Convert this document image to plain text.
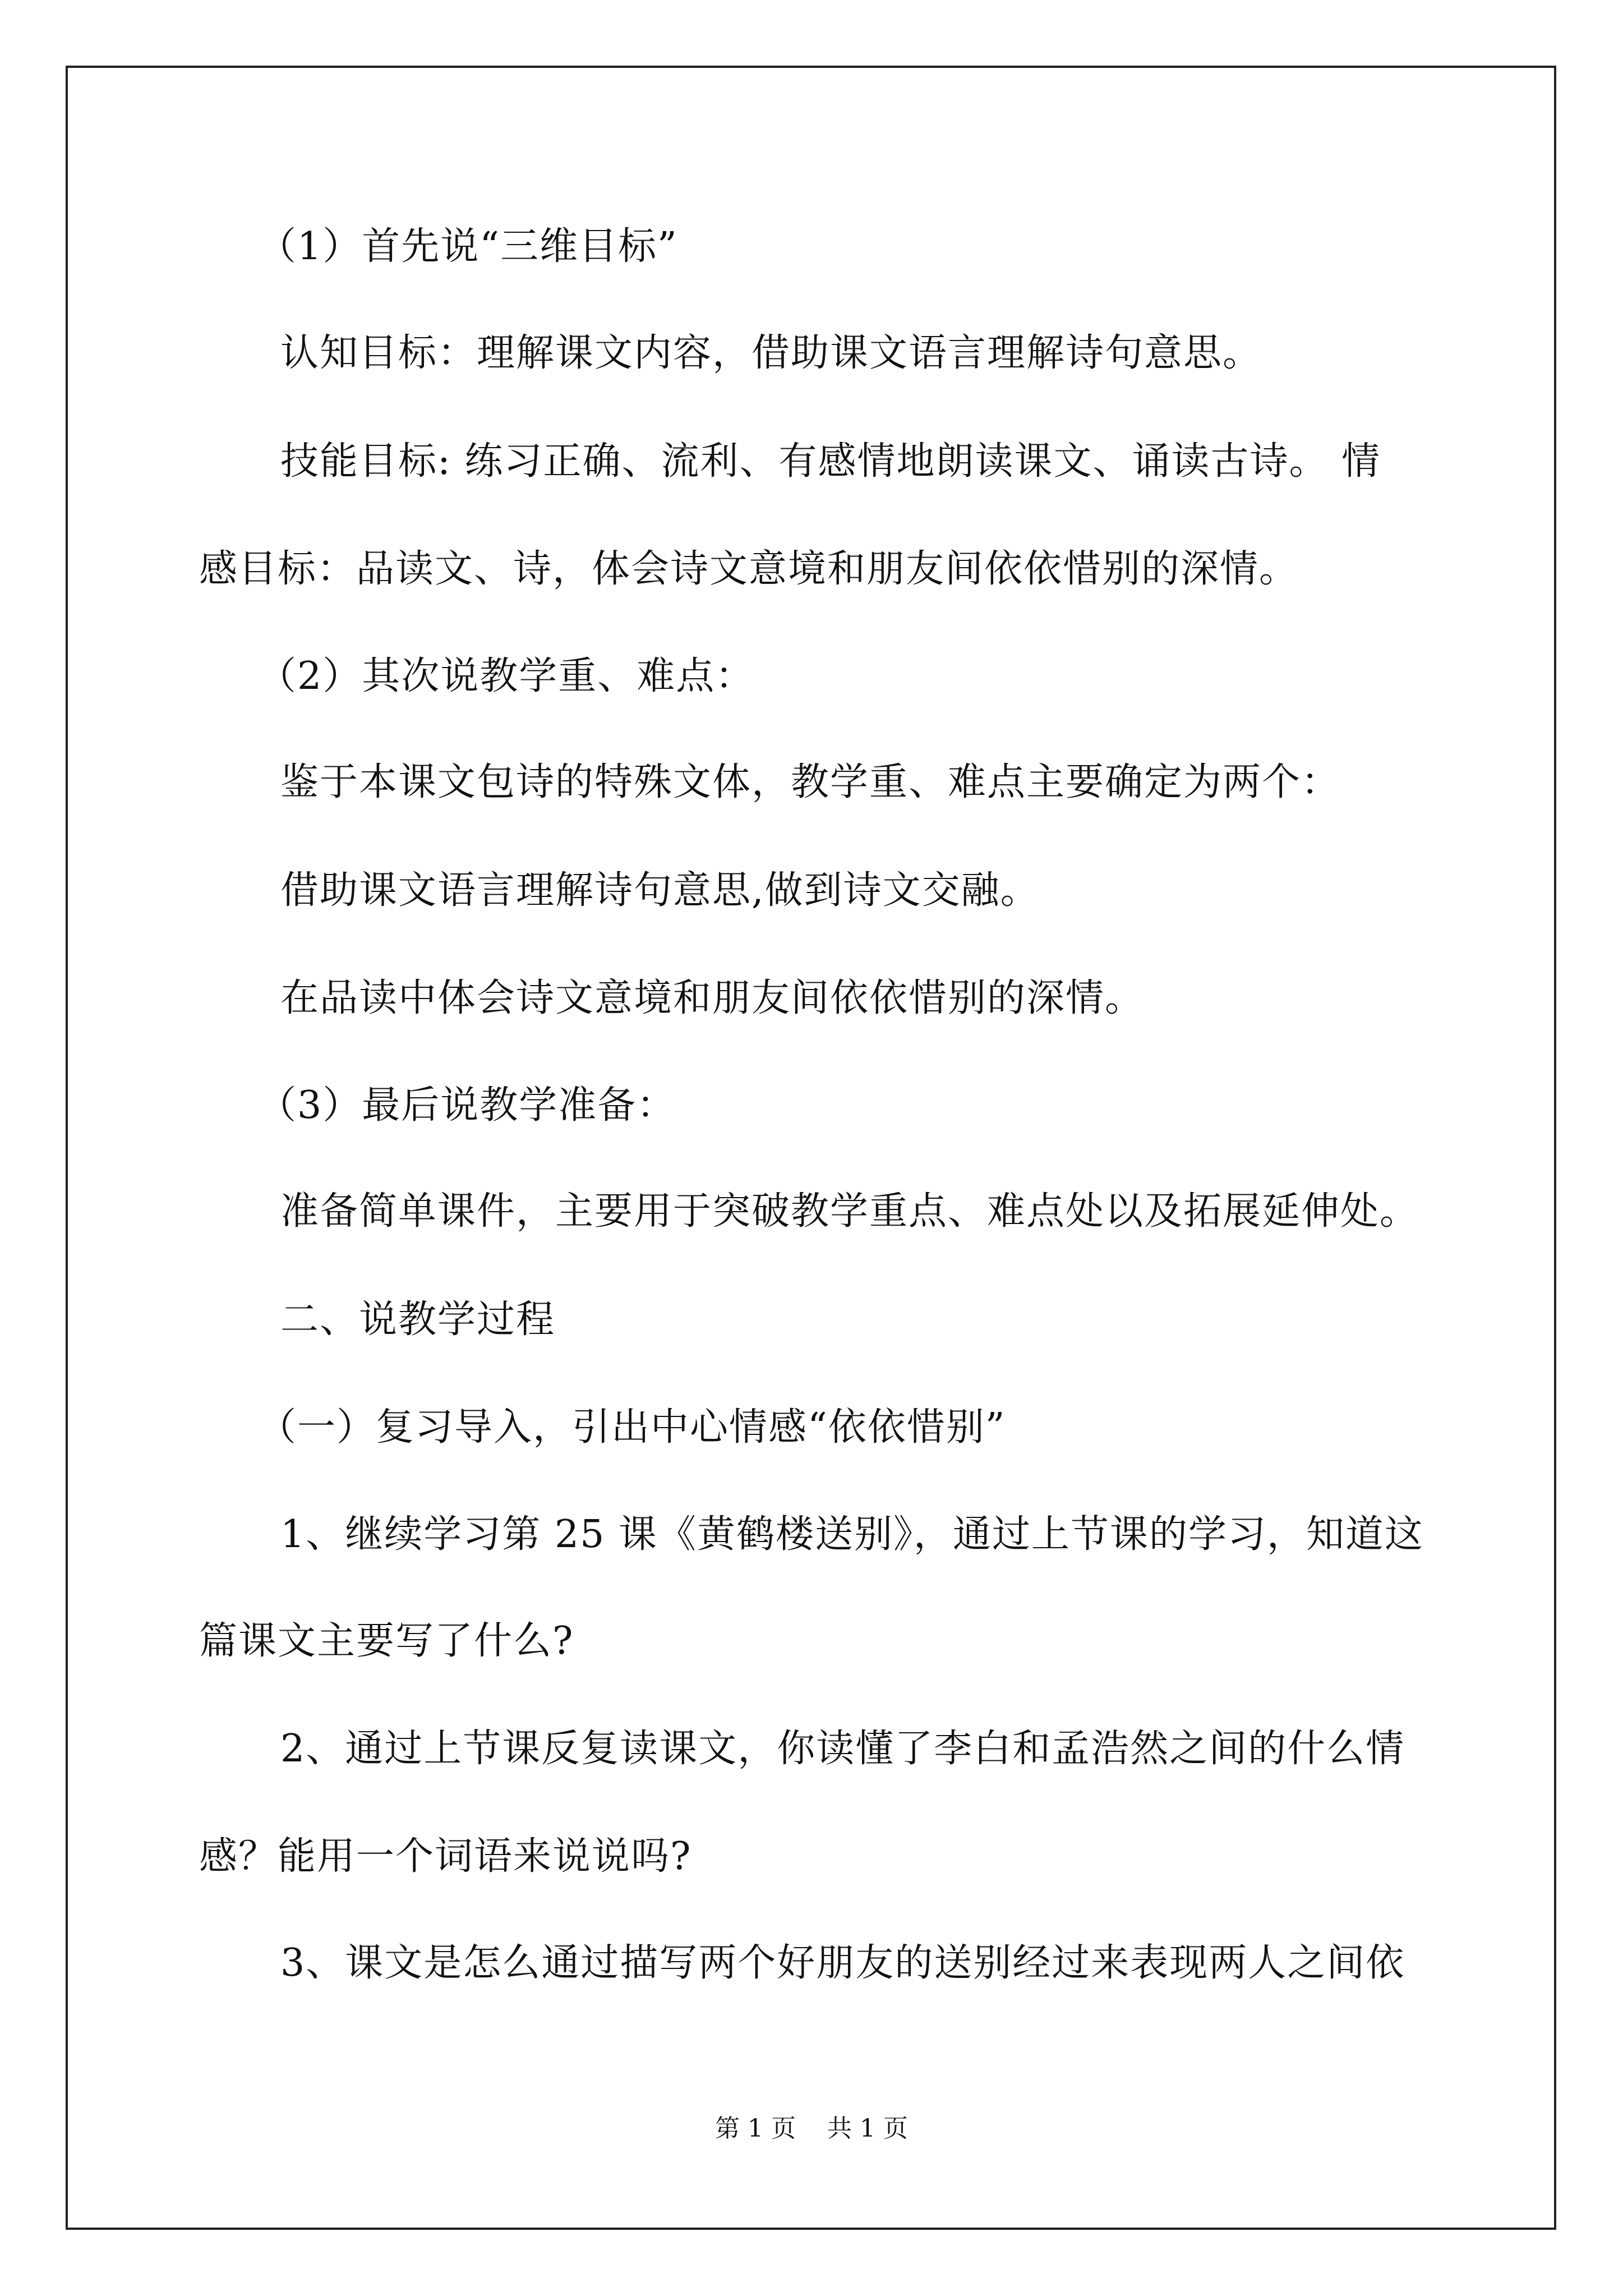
（1）首先说“三维目标”
认知目标：理解课文内容，借助课文语言理解诗句意思。
技能目标: 练习正确、流利、有感情地朗读课文、诵读古诗。 情
感目标：品读文、诗，体会诗文意境和朋友间依依惜别的深情。
（2）其次说教学重、难点：
鉴于本课文包诗的特殊文体，教学重、难点主要确定为两个：
借助课文语言理解诗句意思,做到诗文交融。
在品读中体会诗文意境和朋友间依依惜别的深情。
（3）最后说教学准备：
准备简单课件，主要用于突破教学重点、难点处以及拓展延伸处。
二、说教学过程
（一）复习导入，引出中心情感“依依惜别”
1、继续学习第 25 课《黄鹤楼送别》，通过上节课的学习，知道这
篇课文主要写了什么?
2、通过上节课反复读课文，你读懂了李白和孟浩然之间的什么情
感？能用一个词语来说说吗?
3、课文是怎么通过描写两个好朋友的送别经过来表现两人之间依
第 1 页    共 1 页
